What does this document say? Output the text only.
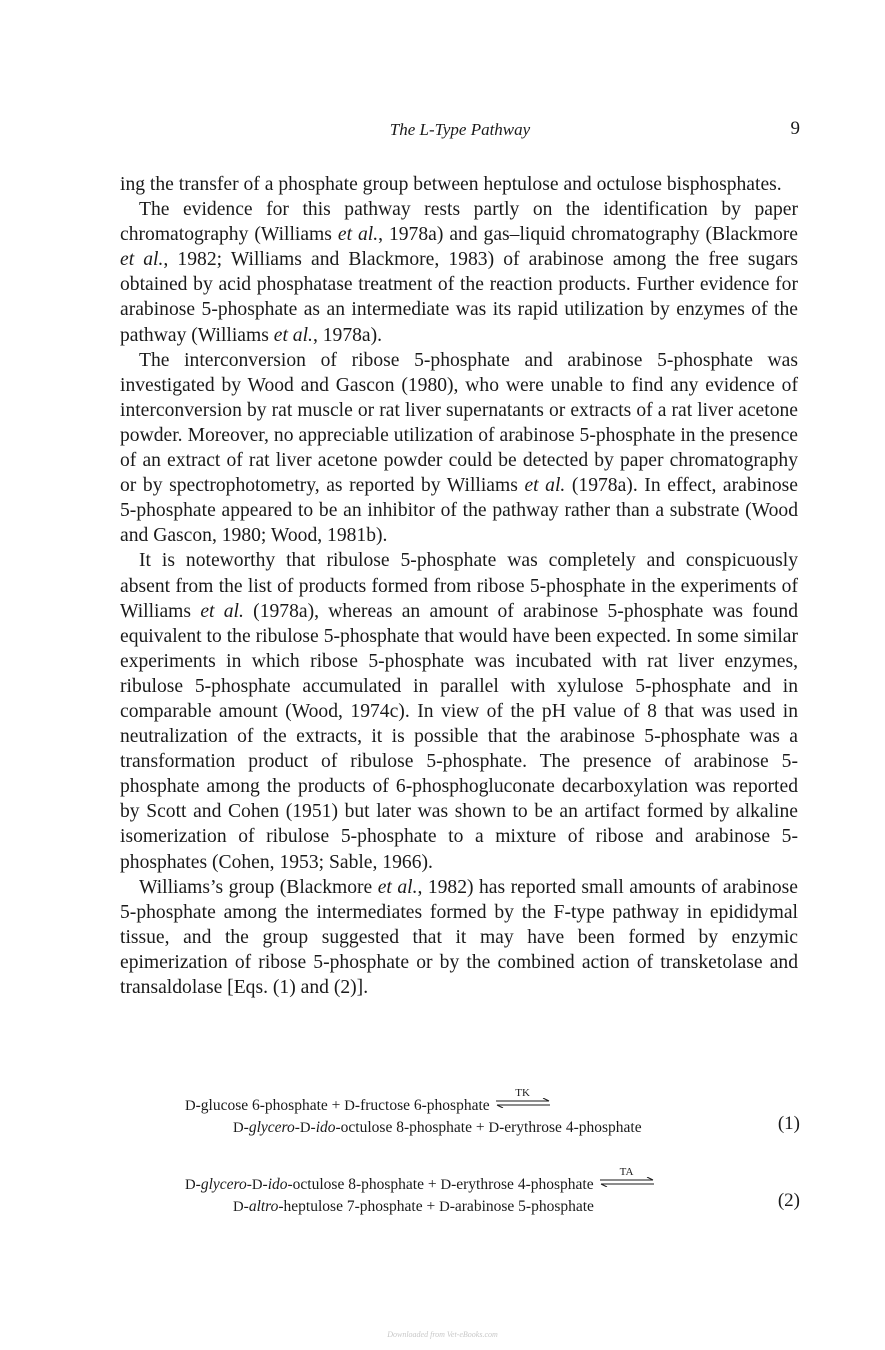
The L-Type Pathway	9

ing the transfer of a phosphate group between heptulose and octulose bisphosphates.

The evidence for this pathway rests partly on the identification by paper chromatography (Williams et al., 1978a) and gas–liquid chromatography (Blackmore et al., 1982; Williams and Blackmore, 1983) of arabinose among the free sugars obtained by acid phosphatase treatment of the reaction products. Further evidence for arabinose 5-phosphate as an intermediate was its rapid utilization by enzymes of the pathway (Williams et al., 1978a).

The interconversion of ribose 5-phosphate and arabinose 5-phosphate was investigated by Wood and Gascon (1980), who were unable to find any evidence of interconversion by rat muscle or rat liver supernatants or extracts of a rat liver acetone powder. Moreover, no appreciable utilization of arabinose 5-phosphate in the presence of an extract of rat liver acetone powder could be detected by paper chromatography or by spectrophotometry, as reported by Williams et al. (1978a). In effect, arabinose 5-phosphate appeared to be an inhibitor of the pathway rather than a substrate (Wood and Gascon, 1980; Wood, 1981b).

It is noteworthy that ribulose 5-phosphate was completely and conspicuously absent from the list of products formed from ribose 5-phosphate in the experiments of Williams et al. (1978a), whereas an amount of arabinose 5-phosphate was found equivalent to the ribulose 5-phosphate that would have been expected. In some similar experiments in which ribose 5-phosphate was incubated with rat liver enzymes, ribulose 5-phosphate accumulated in parallel with xylulose 5-phosphate and in comparable amount (Wood, 1974c). In view of the pH value of 8 that was used in neutralization of the extracts, it is possible that the arabinose 5-phosphate was a transformation product of ribulose 5-phosphate. The presence of arabinose 5-phosphate among the products of 6-phosphogluconate decarboxylation was reported by Scott and Cohen (1951) but later was shown to be an artifact formed by alkaline isomerization of ribulose 5-phosphate to a mixture of ribose and arabinose 5-phosphates (Cohen, 1953; Sable, 1966).

Williams’s group (Blackmore et al., 1982) has reported small amounts of arabinose 5-phosphate among the intermediates formed by the F-type pathway in epididymal tissue, and the group suggested that it may have been formed by enzymic epimerization of ribose 5-phosphate or by the combined action of transketolase and transaldolase [Eqs. (1) and (2)].

D-glucose 6-phosphate + D-fructose 6-phosphate
TK
D-glycero-D-ido-octulose 8-phosphate + D-erythrose 4-phosphate	(1)
D-glycero-D-ido-octulose 8-phosphate + D-erythrose 4-phosphate
TA
D-altro-heptulose 7-phosphate + D-arabinose 5-phosphate	(2)
Downloaded from Vet-eBooks.com
